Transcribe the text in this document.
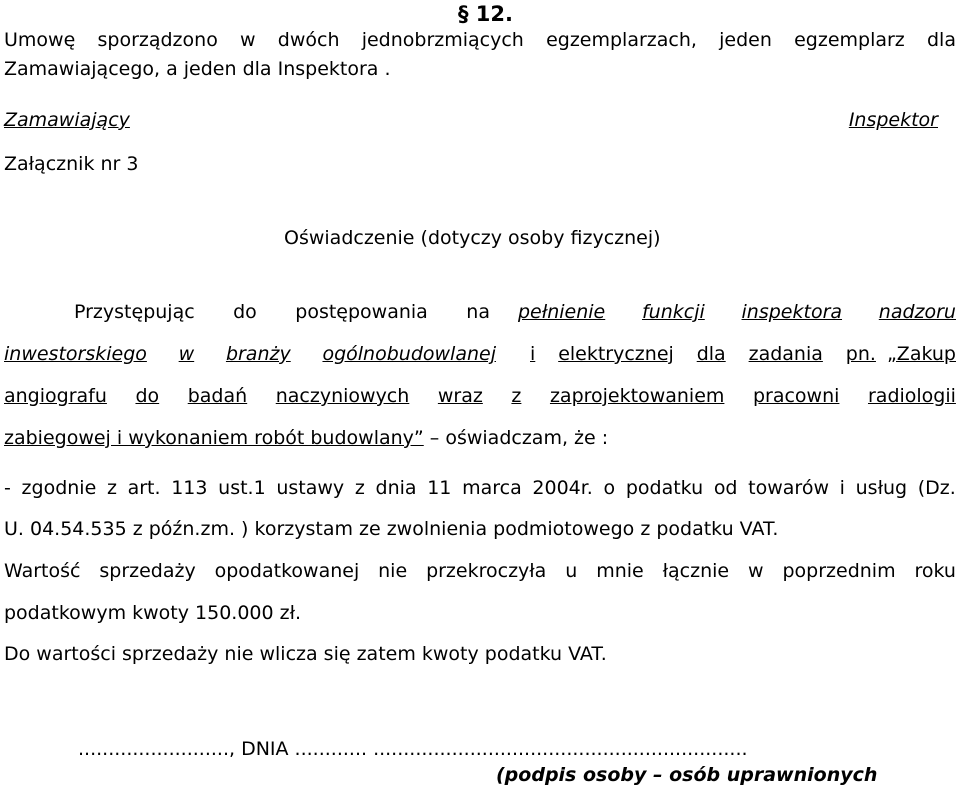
§ 12.
Umowę sporządzono w dwóch jednobrzmiących egzemplarzach, jeden egzemplarz dla
Zamawiającego, a jeden dla Inspektora .
Zamawiający	Inspektor
Załącznik nr 3
Oświadczenie (dotyczy osoby fizycznej)
Przystępując do postępowania na pełnienie funkcji inspektora nadzoru
inwestorskiego w branży ogólnobudowlanej i elektrycznej dla zadania pn. „Zakup
angiografu do badań naczyniowych wraz z zaprojektowaniem pracowni radiologii
zabiegowej i wykonaniem robót budowlany” – oświadczam, że :
- zgodnie z art. 113 ust.1 ustawy z dnia 11 marca 2004r. o podatku od towarów i usług (Dz.
U. 04.54.535 z późn.zm. ) korzystam ze zwolnienia podmiotowego z podatku VAT.
Wartość sprzedaży opodatkowanej nie przekroczyła u mnie łącznie w poprzednim roku
podatkowym kwoty 150.000 zł.
Do wartości sprzedaży nie wlicza się zatem kwoty podatku VAT.
........................., DNIA ............ ..............................................................
(podpis osoby – osób uprawnionych
